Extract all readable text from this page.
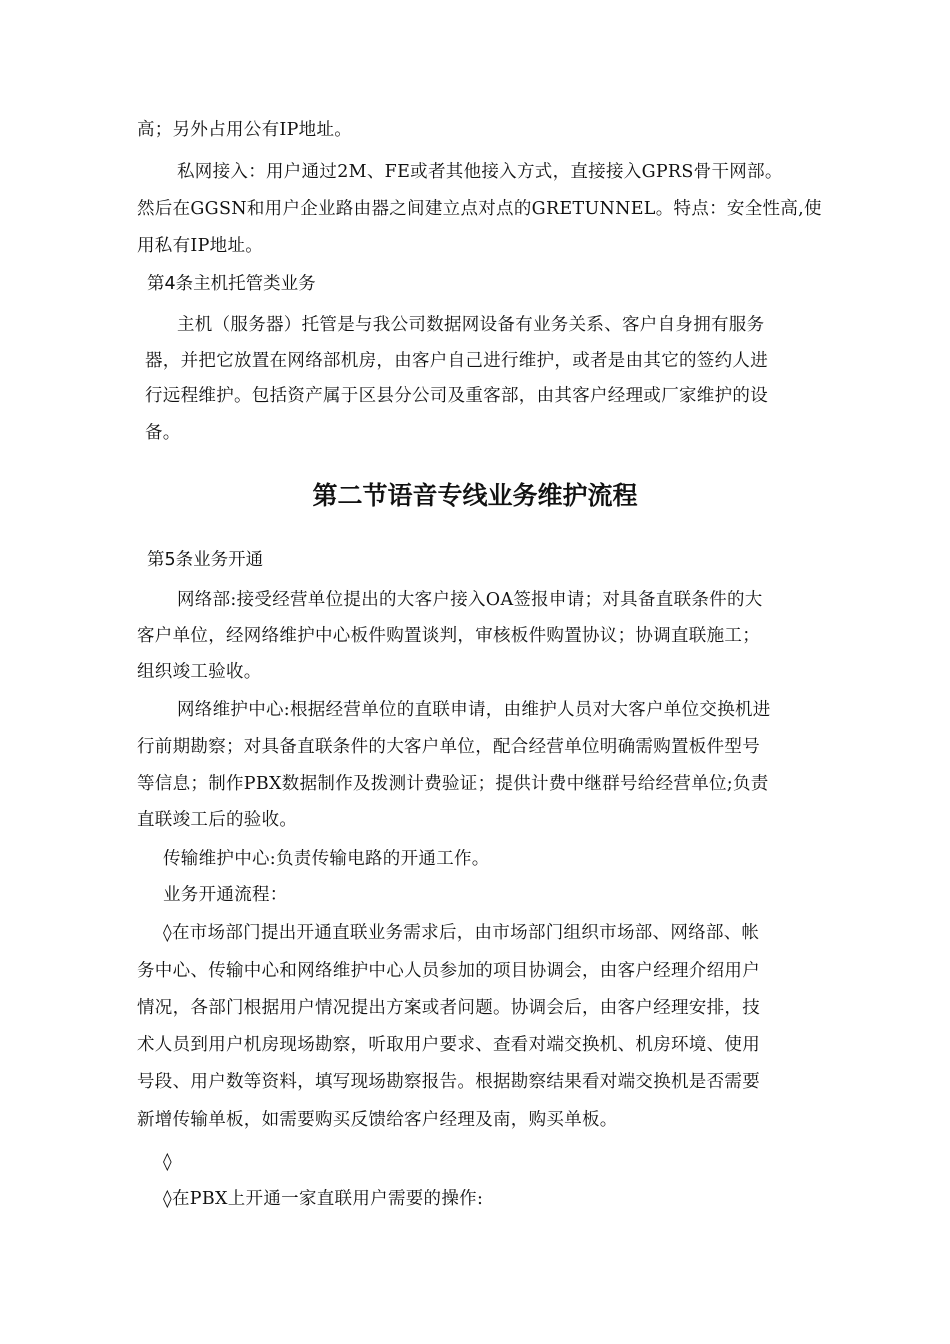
高；另外占用公有IP地址。
私网接入：用户通过2M、FE或者其他接入方式，直接接入GPRS骨干网部。
然后在GGSN和用户企业路由器之间建立点对点的GRETUNNEL。特点：安全性高,使
用私有IP地址。
第4条主机托管类业务
主机（服务器）托管是与我公司数据网设备有业务关系、客户自身拥有服务
器，并把它放置在网络部机房，由客户自己进行维护，或者是由其它的签约人进
行远程维护。包括资产属于区县分公司及重客部，由其客户经理或厂家维护的设
备。
第二节语音专线业务维护流程
第5条业务开通
网络部:接受经营单位提出的大客户接入OA签报申请；对具备直联条件的大
客户单位，经网络维护中心板件购置谈判，审核板件购置协议；协调直联施工；
组织竣工验收。
网络维护中心:根据经营单位的直联申请，由维护人员对大客户单位交换机进
行前期勘察；对具备直联条件的大客户单位，配合经营单位明确需购置板件型号
等信息；制作PBX数据制作及拨测计费验证；提供计费中继群号给经营单位;负责
直联竣工后的验收。
传输维护中心:负责传输电路的开通工作。
业务开通流程：
◊在市场部门提出开通直联业务需求后，由市场部门组织市场部、网络部、帐
务中心、传输中心和网络维护中心人员参加的项目协调会，由客户经理介绍用户
情况，各部门根据用户情况提出方案或者问题。协调会后，由客户经理安排，技
术人员到用户机房现场勘察，听取用户要求、查看对端交换机、机房环境、使用
号段、用户数等资料，填写现场勘察报告。根据勘察结果看对端交换机是否需要
新增传输单板，如需要购买反馈给客户经理及南，购买单板。
◊
◊在PBX上开通一家直联用户需要的操作:
